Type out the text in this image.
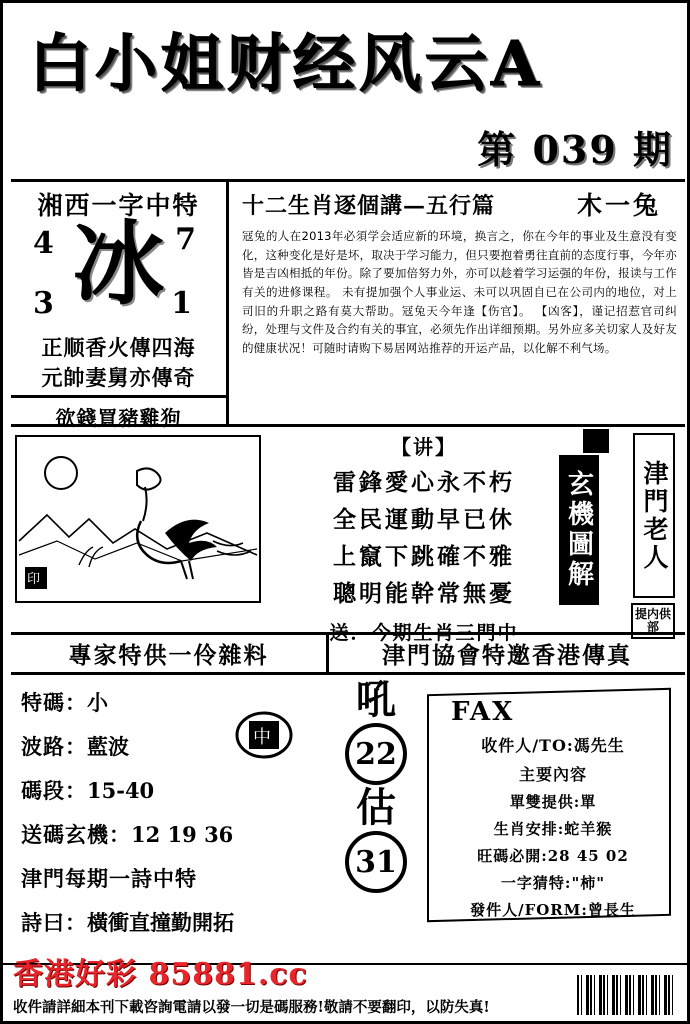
白小姐财经风云A
第 039 期
湘西一字中特
冰
4	7
3	1
正顺香火傳四海
元帥妻舅亦傳奇
欲錢買豬雞狗
十二生肖逐個講—五行篇	木一兔
冦兔的人在2013年必須学会适应新的环境，换言之，你在今年的事业及生意没有变化，这种变化是好是坏，取决于学习能力，但只要抱着勇往直前的态度行事，今年亦皆是吉凶相抵的年份。除了要加倍努力外，亦可以趁着学习运强的年份，报读与工作有关的进修课程。 未有提加强个人事业运、未可以巩固自已在公司内的地位，对上司旧的升职之路有莫大帮助。冦兔天今年逢【伤官】。 【凶客】，谨记招惹官司纠纷，处理与文件及合约有关的事宜，必须先作出详细预期。另外应多关切家人及好友的健康状况！可随时请购下易居网站推荐的开运产品，以化解不利气场。
印
【讲】
雷鋒愛心永不朽
全民運動早已休
上竄下跳確不雅
聰明能幹常無憂
送．今期生肖三門中
玄機圖解 津門老人
提内供部
專家特供一伶雜料	津門協會特邀香港傳真
特碼：小
波路：藍波
碼段：15-40
送碼玄機：12 19 36
津門每期一詩中特
詩曰：橫衝直撞勤開拓
中
吼
22
估
31
FAX
收件人/TO:馮先生
主要內容
單雙提供:單
生肖安排:蛇羊猴
旺碼必開:28 45 02
一字猜特:"柿"
發件人/FORM:曾長生
香港好彩 85881.cc
收件請詳細本刊下載咨詢電請以發一切是碼服務!敬請不要翻印，以防失真!
